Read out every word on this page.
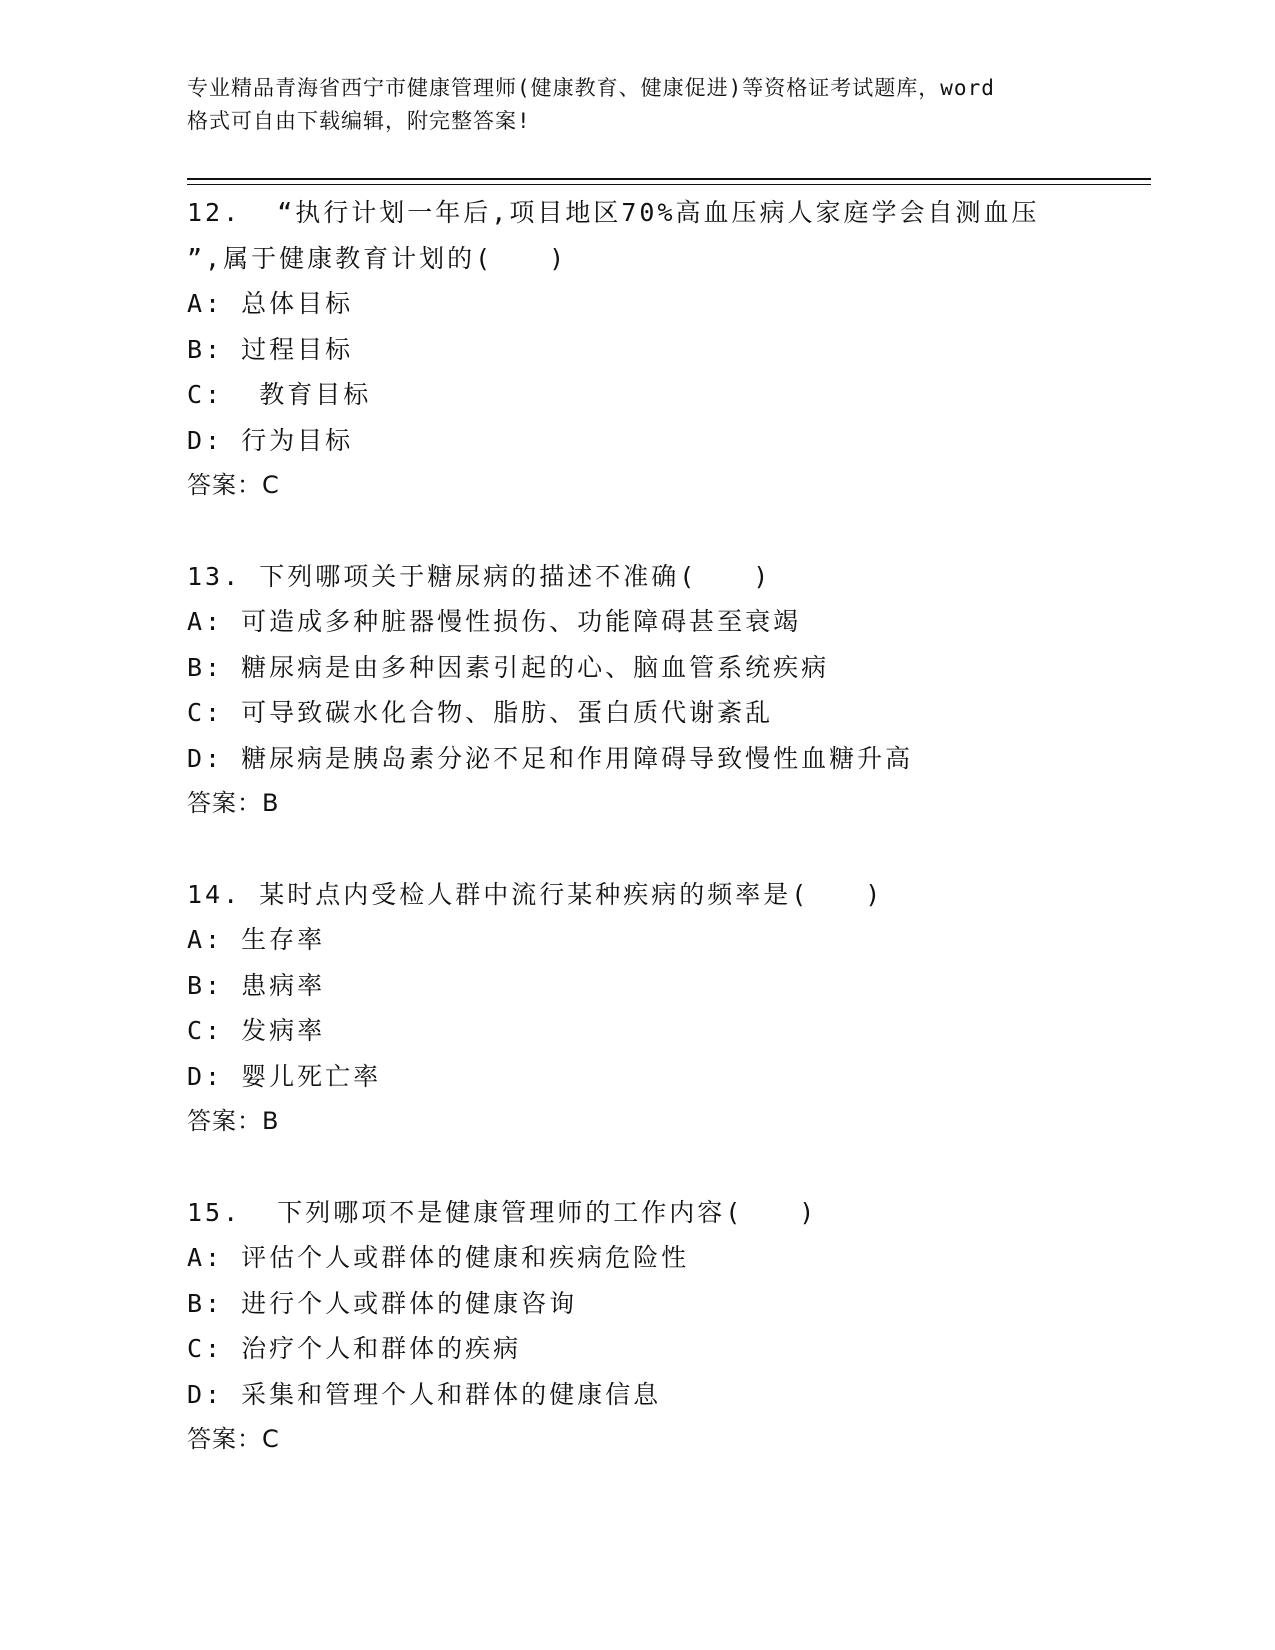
专业精品青海省西宁市健康管理师(健康教育、健康促进)等资格证考试题库，word
格式可自由下载编辑，附完整答案!

12.  “执行计划一年后,项目地区70%高血压病人家庭学会自测血压

”,属于健康教育计划的(　　)

A: 总体目标

B: 过程目标

C:  教育目标

D: 行为目标

答案：C

13. 下列哪项关于糖尿病的描述不准确(　　)

A: 可造成多种脏器慢性损伤、功能障碍甚至衰竭

B: 糖尿病是由多种因素引起的心、脑血管系统疾病

C: 可导致碳水化合物、脂肪、蛋白质代谢紊乱

D: 糖尿病是胰岛素分泌不足和作用障碍导致慢性血糖升高

答案：B

14. 某时点内受检人群中流行某种疾病的频率是(　　)

A: 生存率

B: 患病率

C: 发病率

D: 婴儿死亡率

答案：B

15.  下列哪项不是健康管理师的工作内容(　　)

A: 评估个人或群体的健康和疾病危险性

B: 进行个人或群体的健康咨询

C: 治疗个人和群体的疾病

D: 采集和管理个人和群体的健康信息

答案：C
